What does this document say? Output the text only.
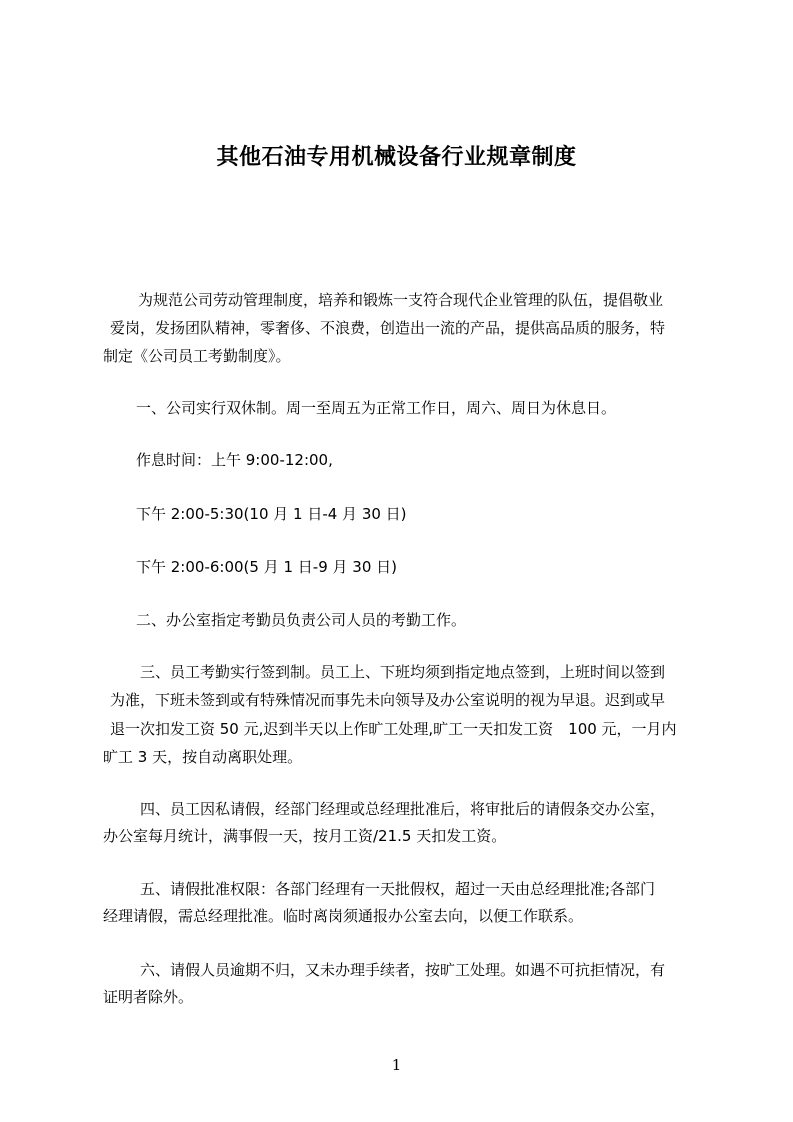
其他石油专用机械设备行业规章制度
为规范公司劳动管理制度，培养和锻炼一支符合现代企业管理的队伍，提倡敬业
爱岗，发扬团队精神，零奢侈、不浪费，创造出一流的产品，提供高品质的服务，特
制定《公司员工考勤制度》。
一、公司实行双休制。周一至周五为正常工作日，周六、周日为休息日。
作息时间：上午 9:00-12:00,
下午 2:00-5:30(10 月 1 日-4 月 30 日)
下午 2:00-6:00(5 月 1 日-9 月 30 日)
二、办公室指定考勤员负责公司人员的考勤工作。
三、员工考勤实行签到制。员工上、下班均须到指定地点签到，上班时间以签到
为准，下班未签到或有特殊情况而事先未向领导及办公室说明的视为早退。迟到或早
退一次扣发工资 50 元,迟到半天以上作旷工处理,旷工一天扣发工资　100 元，一月内
旷工 3 天，按自动离职处理。
四、员工因私请假，经部门经理或总经理批准后，将审批后的请假条交办公室，
办公室每月统计，满事假一天，按月工资/21.5 天扣发工资。
五、请假批准权限：各部门经理有一天批假权，超过一天由总经理批准;各部门
经理请假，需总经理批准。临时离岗须通报办公室去向，以便工作联系。
六、请假人员逾期不归，又未办理手续者，按旷工处理。如遇不可抗拒情况，有
证明者除外。
1
